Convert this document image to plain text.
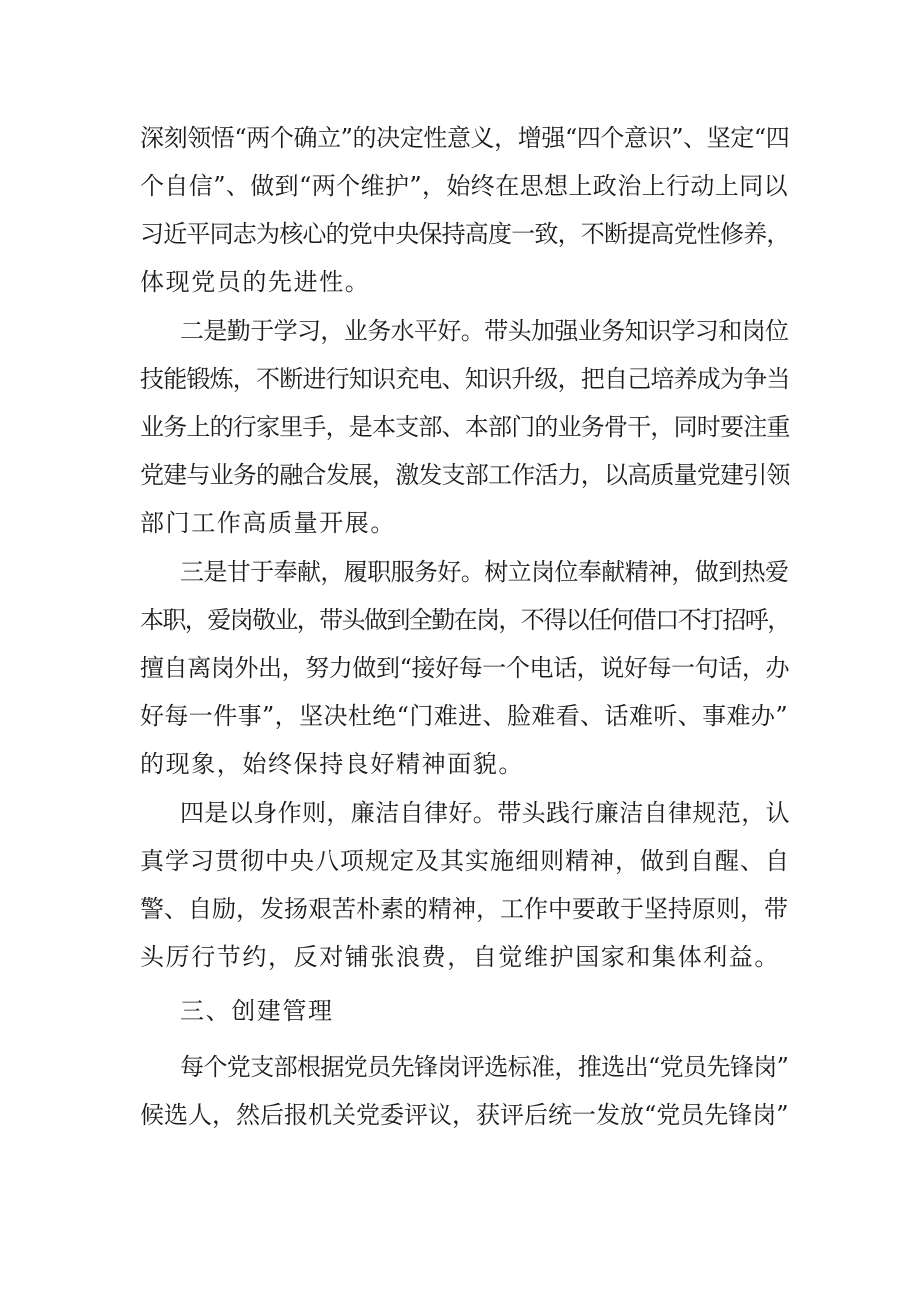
深刻领悟“两个确立”的决定性意义，增强“四个意识”、坚定“四
个自信”、做到“两个维护”，始终在思想上政治上行动上同以
习近平同志为核心的党中央保持高度一致，不断提高党性修养，
体现党员的先进性。
二是勤于学习，业务水平好。带头加强业务知识学习和岗位
技能锻炼，不断进行知识充电、知识升级，把自己培养成为争当
业务上的行家里手，是本支部、本部门的业务骨干，同时要注重
党建与业务的融合发展，激发支部工作活力，以高质量党建引领
部门工作高质量开展。
三是甘于奉献，履职服务好。树立岗位奉献精神，做到热爱
本职，爱岗敬业，带头做到全勤在岗，不得以任何借口不打招呼，
擅自离岗外出，努力做到“接好每一个电话，说好每一句话，办
好每一件事”，坚决杜绝“门难进、脸难看、话难听、事难办”
的现象，始终保持良好精神面貌。
四是以身作则，廉洁自律好。带头践行廉洁自律规范，认
真学习贯彻中央八项规定及其实施细则精神，做到自醒、自
警、自励，发扬艰苦朴素的精神，工作中要敢于坚持原则，带
头厉行节约，反对铺张浪费，自觉维护国家和集体利益。
三、创建管理
每个党支部根据党员先锋岗评选标准，推选出“党员先锋岗”
候选人，然后报机关党委评议，获评后统一发放“党员先锋岗”
